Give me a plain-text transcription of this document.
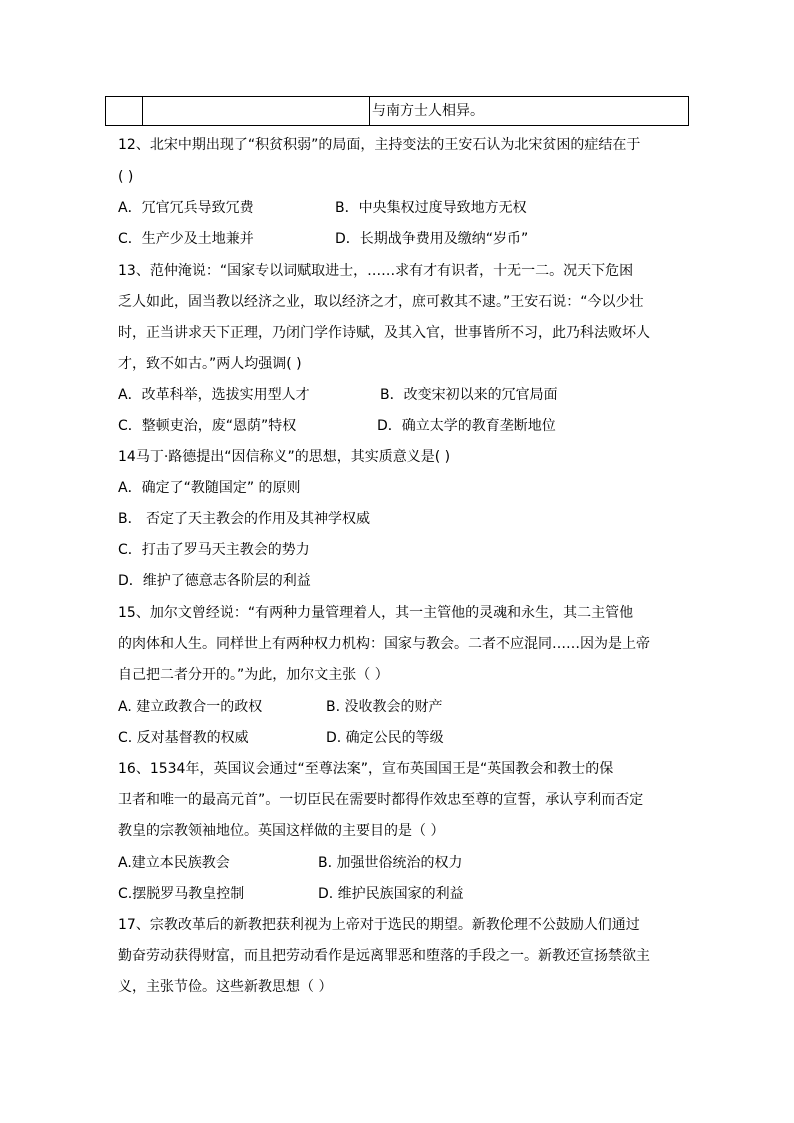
与南方士人相异。
12、北宋中期出现了“积贫积弱”的局面，主持变法的王安石认为北宋贫困的症结在于
( )
A．冗官冗兵导致冗费	B．中央集权过度导致地方无权
C．生产少及土地兼并	D．长期战争费用及缴纳“岁币”
13、范仲淹说：“国家专以词赋取进士，……求有才有识者，十无一二。况天下危困
乏人如此，固当教以经济之业，取以经济之才，庶可救其不逮。”王安石说：“今以少壮
时，正当讲求天下正理，乃闭门学作诗赋，及其入官，世事皆所不习，此乃科法败坏人
才，致不如古。”两人均强调( )
A．改革科举，选拔实用型人才	B．改变宋初以来的冗官局面
C．整顿吏治，废“恩荫”特权	D．确立太学的教育垄断地位
14马丁·路德提出“因信称义”的思想，其实质意义是( )
A．确定了“教随国定” 的原则
B． 否定了天主教会的作用及其神学权威
C．打击了罗马天主教会的势力
D．维护了德意志各阶层的利益
15、加尔文曾经说：“有两种力量管理着人，其一主管他的灵魂和永生，其二主管他
的肉体和人生。同样世上有两种权力机构：国家与教会。二者不应混同……因为是上帝
自己把二者分开的。”为此，加尔文主张（ ）
A. 建立政教合一的政权	B. 没收教会的财产
C. 反对基督教的权威	D. 确定公民的等级
16、1534年，英国议会通过“至尊法案”，宣布英国国王是“英国教会和教士的保
卫者和唯一的最高元首”。一切臣民在需要时都得作效忠至尊的宣誓，承认亨利而否定
教皇的宗教领袖地位。英国这样做的主要目的是（ ）
A.建立本民族教会	B. 加强世俗统治的权力
C.摆脱罗马教皇控制	D. 维护民族国家的利益
17、宗教改革后的新教把获利视为上帝对于选民的期望。新教伦理不公鼓励人们通过
勤奋劳动获得财富，而且把劳动看作是远离罪恶和堕落的手段之一。新教还宣扬禁欲主
义，主张节俭。这些新教思想（ ）
